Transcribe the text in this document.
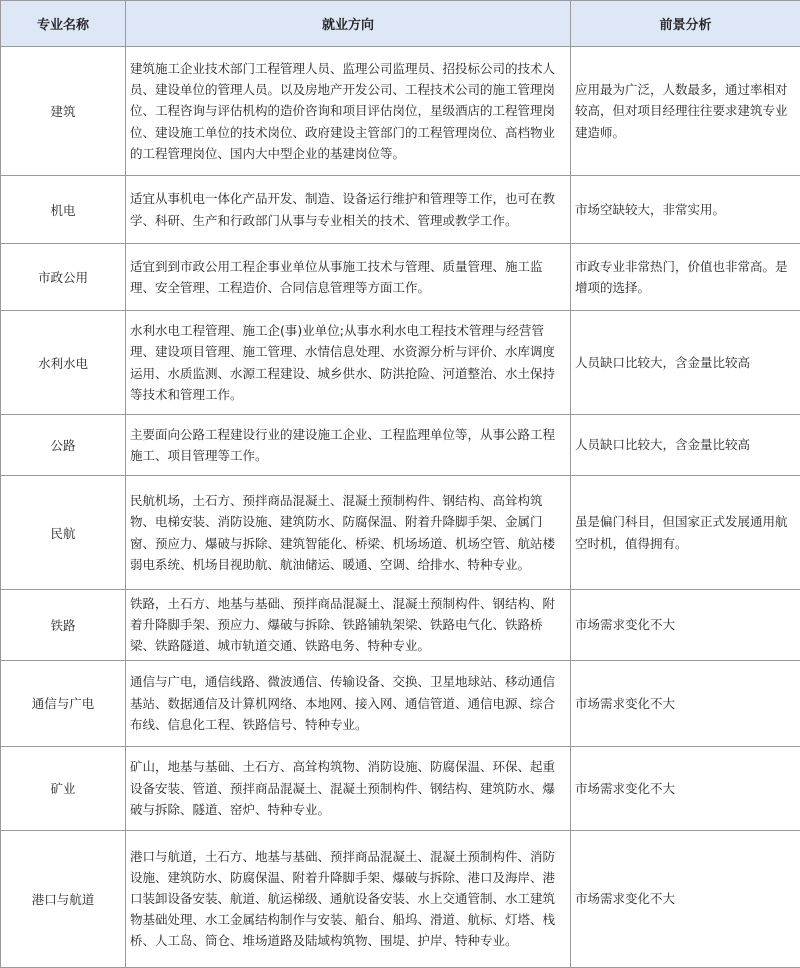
专业名称	就业方向	前景分析
建筑	建筑施工企业技术部门工程管理人员、监理公司监理员、招投标公司的技术人员、建设单位的管理人员。以及房地产开发公司、工程技术公司的施工管理岗位、工程咨询与评估机构的造价咨询和项目评估岗位，星级酒店的工程管理岗位、建设施工单位的技术岗位、政府建设主管部门的工程管理岗位、高档物业的工程管理岗位、国内大中型企业的基建岗位等。	应用最为广泛，人数最多，通过率相对较高，但对项目经理往往要求建筑专业建造师。
机电	适宜从事机电一体化产品开发、制造、设备运行维护和管理等工作，也可在教学、科研、生产和行政部门从事与专业相关的技术、管理或教学工作。	市场空缺较大，非常实用。
市政公用	适宜到到市政公用工程企事业单位从事施工技术与管理、质量管理、施工监理、安全管理、工程造价、合同信息管理等方面工作。	市政专业非常热门，价值也非常高。是增项的选择。
水利水电	水利水电工程管理、施工企(事)业单位;从事水利水电工程技术管理与经营管理、建设项目管理、施工管理、水情信息处理、水资源分析与评价、水库调度运用、水质监测、水源工程建设、城乡供水、防洪抢险、河道整治、水土保持等技术和管理工作。	人员缺口比较大，含金量比较高
公路	主要面向公路工程建设行业的建设施工企业、工程监理单位等，从事公路工程施工、项目管理等工作。	人员缺口比较大，含金量比较高
民航	民航机场，土石方、预拌商品混凝土、混凝土预制构件、钢结构、高耸构筑物、电梯安装、消防设施、建筑防水、防腐保温、附着升降脚手架、金属门窗、预应力、爆破与拆除、建筑智能化、桥梁、机场场道、机场空管、航站楼弱电系统、机场目视助航、航油储运、暖通、空调、给排水、特种专业。	虽是偏门科目，但国家正式发展通用航空时机，值得拥有。
铁路	铁路，土石方、地基与基础、预拌商品混凝土、混凝土预制构件、钢结构、附着升降脚手架、预应力、爆破与拆除、铁路铺轨架梁、铁路电气化、铁路桥梁、铁路隧道、城市轨道交通、铁路电务、特种专业。	市场需求变化不大
通信与广电	通信与广电，通信线路、微波通信、传输设备、交换、卫星地球站、移动通信基站、数据通信及计算机网络、本地网、接入网、通信管道、通信电源、综合布线、信息化工程、铁路信号、特种专业。	市场需求变化不大
矿业	矿山，地基与基础、土石方、高耸构筑物、消防设施、防腐保温、环保、起重设备安装、管道、预拌商品混凝土、混凝土预制构件、钢结构、建筑防水、爆破与拆除、隧道、窑炉、特种专业。	市场需求变化不大
港口与航道	港口与航道，土石方、地基与基础、预拌商品混凝土、混凝土预制构件、消防设施、建筑防水、防腐保温、附着升降脚手架、爆破与拆除、港口及海岸、港口装卸设备安装、航道、航运梯级、通航设备安装、水上交通管制、水工建筑物基础处理、水工金属结构制作与安装、船台、船坞、滑道、航标、灯塔、栈桥、人工岛、筒仓、堆场道路及陆域构筑物、围堤、护岸、特种专业。	市场需求变化不大
